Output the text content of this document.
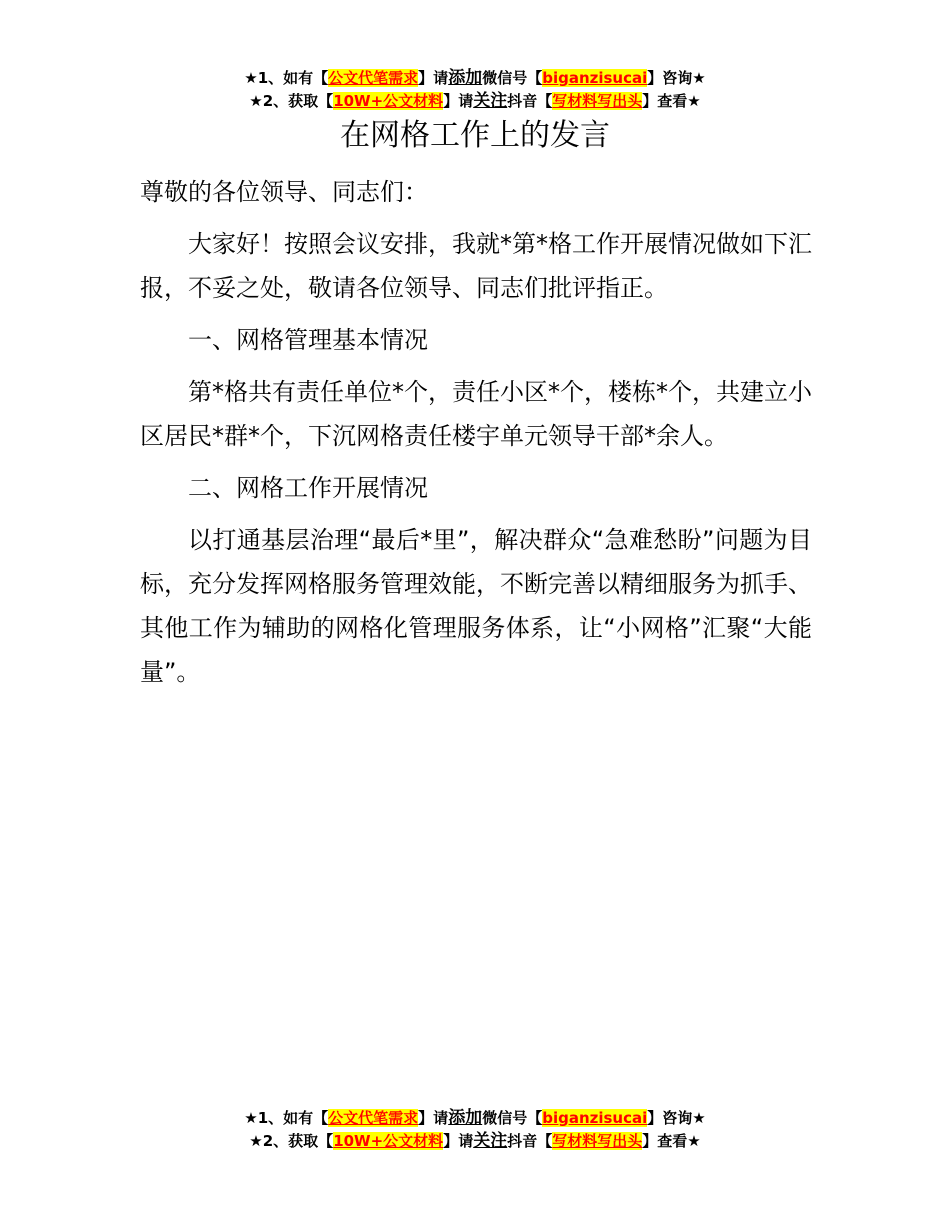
★1、如有【公文代笔需求】请添加微信号【biganzisucai】咨询★
★2、获取【10W+公文材料】请关注抖音【写材料写出头】查看★
在网格工作上的发言

尊敬的各位领导、同志们：

大家好！按照会议安排，我就*第*格工作开展情况做如下汇报，不妥之处，敬请各位领导、同志们批评指正。

一、网格管理基本情况

第*格共有责任单位*个，责任小区*个，楼栋*个，共建立小区居民*群*个，下沉网格责任楼宇单元领导干部*余人。

二、网格工作开展情况

以打通基层治理“最后*里”，解决群众“急难愁盼”问题为目标，充分发挥网格服务管理效能，不断完善以精细服务为抓手、其他工作为辅助的网格化管理服务体系，让“小网格”汇聚“大能量”。

★1、如有【公文代笔需求】请添加微信号【biganzisucai】咨询★
★2、获取【10W+公文材料】请关注抖音【写材料写出头】查看★
